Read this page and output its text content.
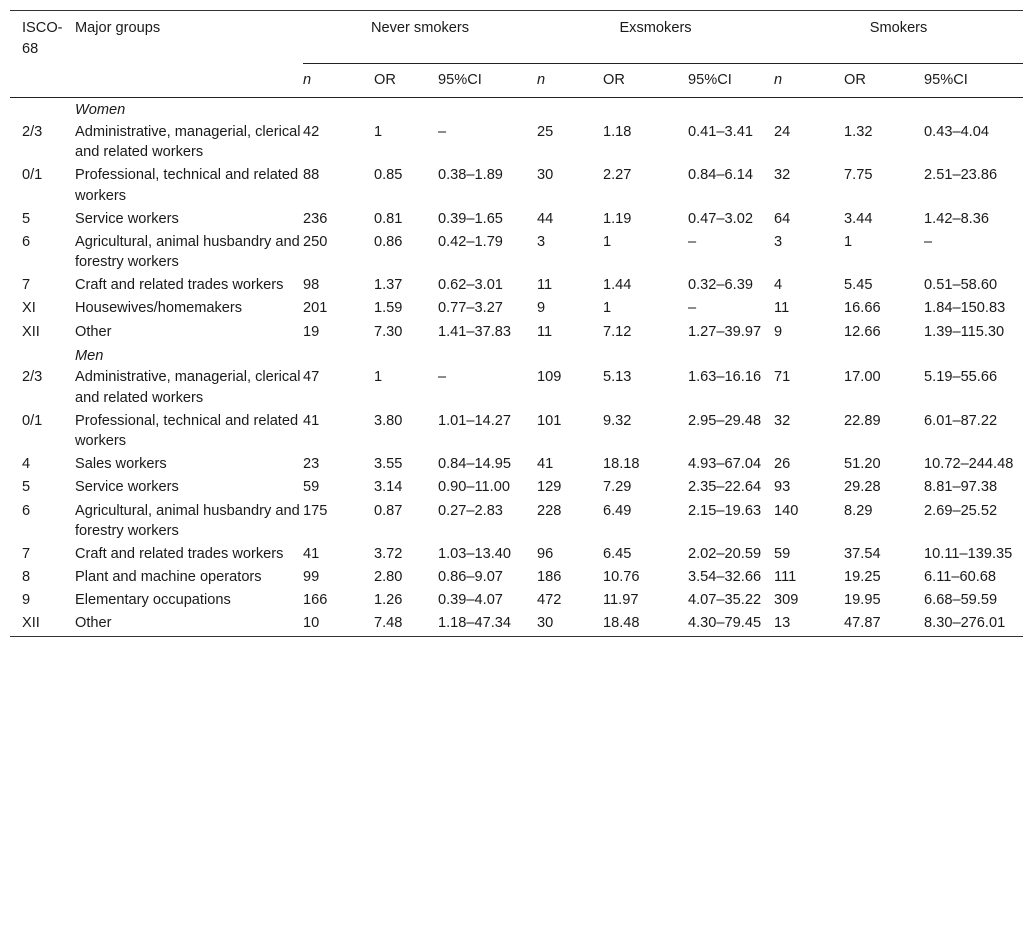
ISCO-68	Major groups	Never smokers			Exsmokers			Smokers		
		n	OR	95%CI	n	OR	95%CI	n	OR	95%CI
	Women									
2/3	Administrative, managerial, clerical and related workers	42	1	–	25	1.18	0.41–3.41	24	1.32	0.43–4.04
0/1	Professional, technical and related workers	88	0.85	0.38–1.89	30	2.27	0.84–6.14	32	7.75	2.51–23.86
5	Service workers	236	0.81	0.39–1.65	44	1.19	0.47–3.02	64	3.44	1.42–8.36
6	Agricultural, animal husbandry and forestry workers	250	0.86	0.42–1.79	3	1	–	3	1	–
7	Craft and related trades workers	98	1.37	0.62–3.01	11	1.44	0.32–6.39	4	5.45	0.51–58.60
XI	Housewives/homemakers	201	1.59	0.77–3.27	9	1	–	11	16.66	1.84–150.83
XII	Other	19	7.30	1.41–37.83	11	7.12	1.27–39.97	9	12.66	1.39–115.30
	Men									
2/3	Administrative, managerial, clerical and related workers	47	1	–	109	5.13	1.63–16.16	71	17.00	5.19–55.66
0/1	Professional, technical and related workers	41	3.80	1.01–14.27	101	9.32	2.95–29.48	32	22.89	6.01–87.22
4	Sales workers	23	3.55	0.84–14.95	41	18.18	4.93–67.04	26	51.20	10.72–244.48
5	Service workers	59	3.14	0.90–11.00	129	7.29	2.35–22.64	93	29.28	8.81–97.38
6	Agricultural, animal husbandry and forestry workers	175	0.87	0.27–2.83	228	6.49	2.15–19.63	140	8.29	2.69–25.52
7	Craft and related trades workers	41	3.72	1.03–13.40	96	6.45	2.02–20.59	59	37.54	10.11–139.35
8	Plant and machine operators	99	2.80	0.86–9.07	186	10.76	3.54–32.66	111	19.25	6.11–60.68
9	Elementary occupations	166	1.26	0.39–4.07	472	11.97	4.07–35.22	309	19.95	6.68–59.59
XII	Other	10	7.48	1.18–47.34	30	18.48	4.30–79.45	13	47.87	8.30–276.01
